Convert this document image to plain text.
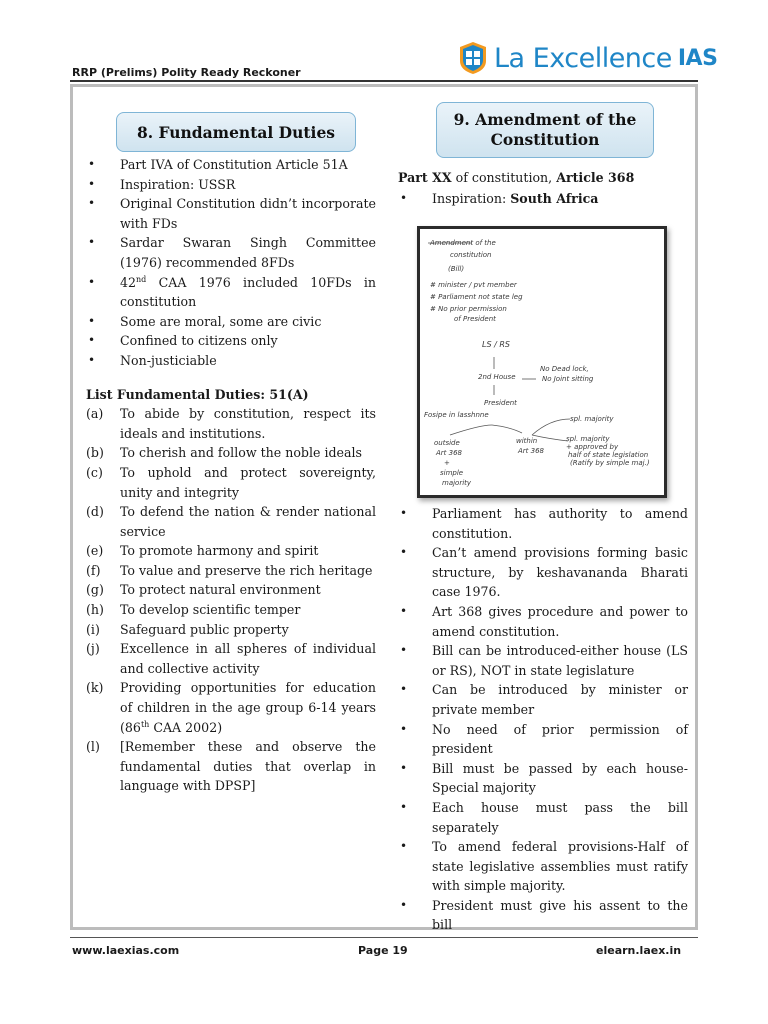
RRP (Prelims) Polity Ready Reckoner	La Excellence IAS
8. Fundamental Duties
9. Amendment of the
Constitution
• Part IVA of Constitution Article 51A
• Inspiration: USSR
• Original Constitution didn’t incorporate with FDs
• Sardar Swaran Singh Committee (1976) recommended 8FDs
• 42nd CAA 1976 included 10FDs in constitution
• Some are moral, some are civic
• Confined to citizens only
• Non-justiciable
List Fundamental Duties: 51(A)
(a) To abide by constitution, respect its ideals and institutions.
(b) To cherish and follow the noble ideals
(c) To uphold and protect sovereignty, unity and integrity
(d) To defend the nation & render national service
(e) To promote harmony and spirit
(f) To value and preserve the rich heritage
(g) To protect natural environment
(h) To develop scientific temper
(i) Safeguard public property
(j) Excellence in all spheres of individual and collective activity
(k) Providing opportunities for education of children in the age group 6-14 years (86th CAA 2002)
(l) [Remember these and observe the fundamental duties that overlap in language with DPSP]
Part XX of constitution, Article 368
• Inspiration: South Africa
Amendment of the
constitution
(Bill)
# minister / pvt member
# Parliament not state leg
# No prior permission
of President
LS / RS
2nd House
No Dead lock,
No Joint sitting
President
Fosipe in lasshnne	spl. majority
outside
Art 368
within
Art 368
spl. majority
+ approved by
half of state legislation
(Ratify by simple maj.)
+
simple
majority
• Parliament has authority to amend constitution.
• Can’t amend provisions forming basic structure, by keshavananda Bharati case 1976.
• Art 368 gives procedure and power to amend constitution.
• Bill can be introduced-either house (LS or RS), NOT in state legislature
• Can be introduced by minister or private member
• No need of prior permission of president
• Bill must be passed by each house-Special majority
• Each house must pass the bill separately
• To amend federal provisions-Half of state legislative assemblies must ratify with simple majority.
• President must give his assent to the bill
www.laexias.com	Page 19	elearn.laex.in
